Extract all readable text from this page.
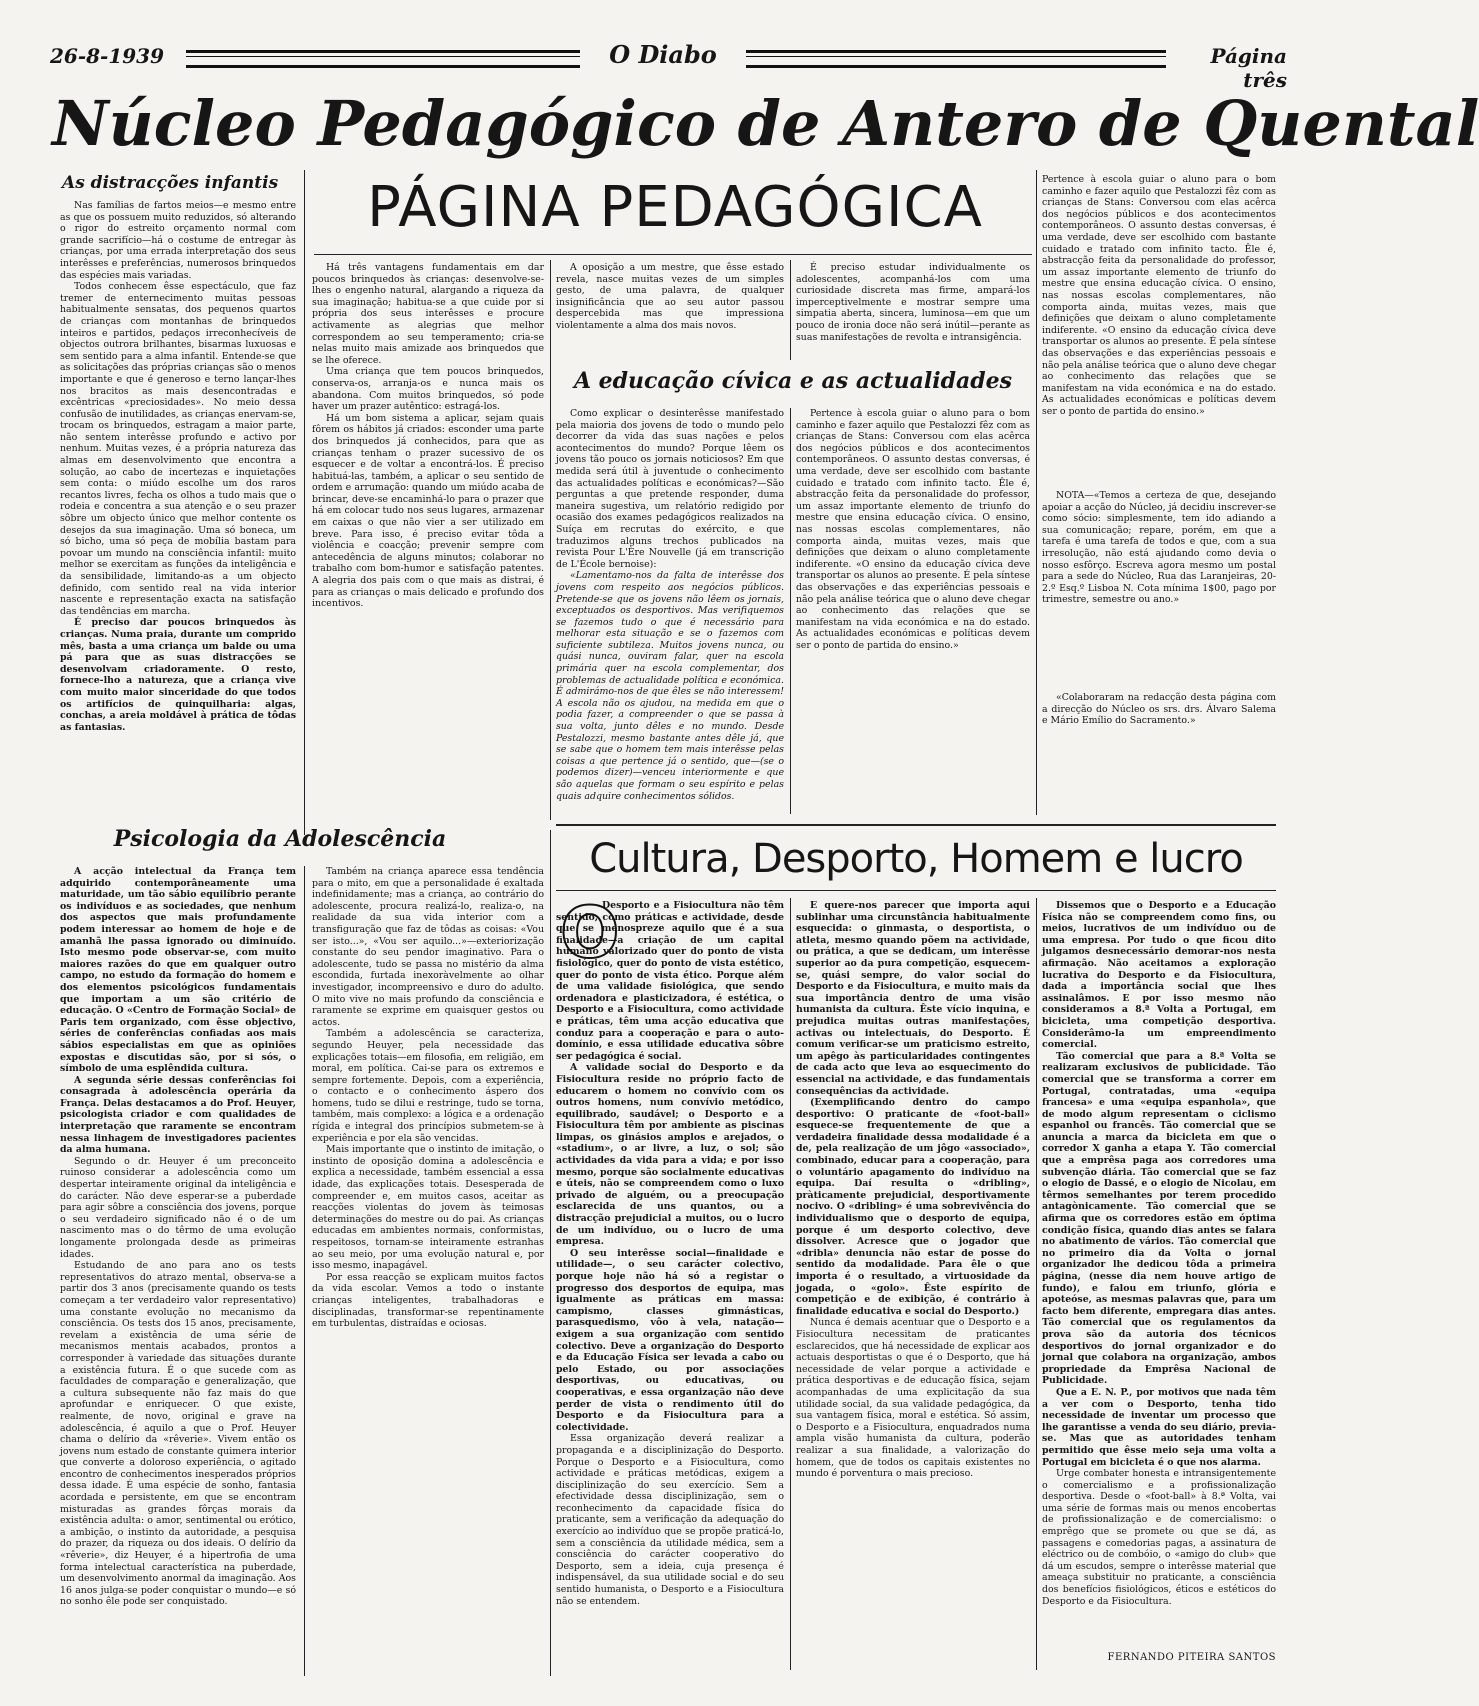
26-8-1939	O Diabo	Página três
Núcleo Pedagógico de Antero de Quental
As distracções infantis

Nas famílias de fartos meios—e mesmo entre as que os possuem muito reduzidos, só alterando o rigor do estreito orçamento normal com grande sacrifício—há o costume de entregar às crianças, por uma errada interpretação dos seus interêsses e preferências, numerosos brinquedos das espécies mais variadas.

Todos conhecem êsse espectáculo, que faz tremer de enternecimento muitas pessoas habitualmente sensatas, dos pequenos quartos de crianças com montanhas de brinquedos inteiros e partidos, pedaços irreconhecíveis de objectos outrora brilhantes, bisarmas luxuosas e sem sentido para a alma infantil. Entende-se que as solicitações das próprias crianças são o menos importante e que é generoso e terno lançar-lhes nos bracitos as mais desencontradas e excêntricas «preciosidades». No meio dessa confusão de inutilidades, as crianças enervam-se, trocam os brinquedos, estragam a maior parte, não sentem interêsse profundo e activo por nenhum. Muitas vezes, é a própria natureza das almas em desenvolvimento que encontra a solução, ao cabo de incertezas e inquietações sem conta: o miúdo escolhe um dos raros recantos livres, fecha os olhos a tudo mais que o rodeia e concentra a sua atenção e o seu prazer sôbre um objecto único que melhor contente os desejos da sua imaginação. Uma só boneca, um só bicho, uma só peça de mobília bastam para povoar um mundo na consciência infantil: muito melhor se exercitam as funções da inteligência e da sensibilidade, limitando-as a um objecto definido, com sentido real na vida interior nascente e representação exacta na satisfação das tendências em marcha.

É preciso dar poucos brinquedos às crianças. Numa praia, durante um comprido mês, basta a uma criança um balde ou uma pá para que as suas distracções se desenvolvam criadoramente. O resto, fornece-lho a natureza, que a criança vive com muito maior sinceridade do que todos os artifícios de quinquilharia: algas, conchas, a areia moldável à prática de tôdas as fantasias.

PÁGINA PEDAGÓGICA

Há três vantagens fundamentais em dar poucos brinquedos às crianças: desenvolve-se-lhes o engenho natural, alargando a riqueza da sua imaginação; habitua-se a que cuide por si própria dos seus interêsses e procure activamente as alegrias que melhor correspondem ao seu temperamento; cria-se nelas muito mais amizade aos brinquedos que se lhe oferece.

Uma criança que tem poucos brinquedos, conserva-os, arranja-os e nunca mais os abandona. Com muitos brinquedos, só pode haver um prazer autêntico: estragá-los.

Há um bom sistema a aplicar, sejam quais fôrem os hábitos já criados: esconder uma parte dos brinquedos já conhecidos, para que as crianças tenham o prazer sucessivo de os esquecer e de voltar a encontrá-los. É preciso habituá-las, também, a aplicar o seu sentido de ordem e arrumação: quando um miúdo acaba de brincar, deve-se encaminhá-lo para o prazer que há em colocar tudo nos seus lugares, armazenar em caixas o que não vier a ser utilizado em breve. Para isso, é preciso evitar tôda a violência e coacção; prevenir sempre com antecedência de alguns minutos; colaborar no trabalho com bom-humor e satisfação patentes. A alegria dos pais com o que mais as distrai, é para as crianças o mais delicado e profundo dos incentivos.

A oposição a um mestre, que êsse estado revela, nasce muitas vezes de um simples gesto, de uma palavra, de qualquer insignificância que ao seu autor passou despercebida mas que impressiona violentamente a alma dos mais novos.

É preciso estudar individualmente os adolescentes, acompanhá-los com uma curiosidade discreta mas firme, ampará-los imperceptivelmente e mostrar sempre uma simpatia aberta, sincera, luminosa—em que um pouco de ironia doce não será inútil—perante as suas manifestações de revolta e intransigência.

A educação cívica e as actualidades

Como explicar o desinterêsse manifestado pela maioria dos jovens de todo o mundo pelo decorrer da vida das suas nações e pelos acontecimentos do mundo? Porque lêem os jovens tão pouco os jornais noticiosos? Em que medida será útil à juventude o conhecimento das actualidades políticas e económicas?—São perguntas a que pretende responder, duma maneira sugestiva, um relatório redigido por ocasião dos exames pedagógicos realizados na Suíça em recrutas do exército, e que traduzimos alguns trechos publicados na revista Pour L'Ère Nouvelle (já em transcrição de L'École bernoise):

«Lamentamo-nos da falta de interêsse dos jovens com respeito aos negócios públicos. Pretende-se que os jovens não lêem os jornais, exceptuados os desportivos. Mas verifiquemos se fazemos tudo o que é necessário para melhorar esta situação e se o fazemos com suficiente subtileza. Muitos jovens nunca, ou quási nunca, ouviram falar, quer na escola primária quer na escola complementar, dos problemas de actualidade política e económica. É admirámo-nos de que êles se não interessem! A escola não os ajudou, na medida em que o podia fazer, a compreender o que se passa à sua volta, junto dêles e no mundo. Desde Pestalozzi, mesmo bastante antes dêle já, que se sabe que o homem tem mais interêsse pelas coisas a que pertence já o sentido, que—(se o podemos dizer)—venceu interiormente e que são aquelas que formam o seu espírito e pelas quais adquire conhecimentos sólidos.

Pertence à escola guiar o aluno para o bom caminho e fazer aquilo que Pestalozzi fêz com as crianças de Stans: Conversou com elas acêrca dos negócios públicos e dos acontecimentos contemporâneos. O assunto destas conversas, é uma verdade, deve ser escolhido com bastante cuidado e tratado com infinito tacto. Êle é, abstracção feita da personalidade do professor, um assaz importante elemento de triunfo do mestre que ensina educação cívica. O ensino, nas nossas escolas complementares, não comporta ainda, muitas vezes, mais que definições que deixam o aluno completamente indiferente. «O ensino da educação cívica deve transportar os alunos ao presente. É pela síntese das observações e das experiências pessoais e não pela análise teórica que o aluno deve chegar ao conhecimento das relações que se manifestam na vida económica e na do estado. As actualidades económicas e políticas devem ser o ponto de partida do ensino.»

Pertence à escola guiar o aluno para o bom caminho e fazer aquilo que Pestalozzi fêz com as crianças de Stans: Conversou com elas acêrca dos negócios públicos e dos acontecimentos contemporâneos. O assunto destas conversas, é uma verdade, deve ser escolhido com bastante cuidado e tratado com infinito tacto. Êle é, abstracção feita da personalidade do professor, um assaz importante elemento de triunfo do mestre que ensina educação cívica. O ensino, nas nossas escolas complementares, não comporta ainda, muitas vezes, mais que definições que deixam o aluno completamente indiferente. «O ensino da educação cívica deve transportar os alunos ao presente. É pela síntese das observações e das experiências pessoais e não pela análise teórica que o aluno deve chegar ao conhecimento das relações que se manifestam na vida económica e na do estado. As actualidades económicas e políticas devem ser o ponto de partida do ensino.»

NOTA—«Temos a certeza de que, desejando apoiar a acção do Núcleo, já decidiu inscrever-se como sócio: simplesmente, tem ido adiando a sua comunicação; repare, porém, em que a tarefa é uma tarefa de todos e que, com a sua irresolução, não está ajudando como devia o nosso esfôrço. Escreva agora mesmo um postal para a sede do Núcleo, Rua das Laranjeiras, 20-2.º Esq.º Lisboa N. Cota mínima 1$00, pago por trimestre, semestre ou ano.»

«Colaboraram na redacção desta página com a direcção do Núcleo os srs. drs. Álvaro Salema e Mário Emílio do Sacramento.»

Cultura, Desporto, Homem e lucro
Psicologia da Adolescência

A acção intelectual da França tem adquirido contemporâneamente uma maturidade, um tão sábio equilíbrio perante os indivíduos e as sociedades, que nenhum dos aspectos que mais profundamente podem interessar ao homem de hoje e de amanhã lhe passa ignorado ou diminuído. Isto mesmo pode observar-se, com muito maiores razões do que em qualquer outro campo, no estudo da formação do homem e dos elementos psicológicos fundamentais que importam a um são critério de educação. O «Centro de Formação Social» de Paris tem organizado, com êsse objectivo, séries de conferências confiadas aos mais sábios especialistas em que as opiniões expostas e discutidas são, por si sós, o símbolo de uma esplêndida cultura.

A segunda série dessas conferências foi consagrada à adolescência operária da França. Delas destacamos a do Prof. Heuyer, psicologista criador e com qualidades de interpretação que raramente se encontram nessa linhagem de investigadores pacientes da alma humana.

Segundo o dr. Heuyer é um preconceito ruinoso considerar a adolescência como um despertar inteiramente original da inteligência e do carácter. Não deve esperar-se a puberdade para agir sôbre a consciência dos jovens, porque o seu verdadeiro significado não é o de um nascimento mas o do têrmo de uma evolução longamente prolongada desde as primeiras idades.

Estudando de ano para ano os tests representativos do atrazo mental, observa-se a partir dos 3 anos (precisamente quando os tests começam a ter verdadeiro valor representativo) uma constante evolução no mecanismo da consciência. Os tests dos 15 anos, precisamente, revelam a existência de uma série de mecanismos mentais acabados, prontos a corresponder à variedade das situações durante a existência futura. É o que sucede com as faculdades de comparação e generalização, que a cultura subsequente não faz mais do que aprofundar e enriquecer. O que existe, realmente, de novo, original e grave na adolescência, é aquilo a que o Prof. Heuyer chama o delírio da «rêverie». Vivem então os jovens num estado de constante quimera interior que converte a doloroso experiência, o agitado encontro de conhecimentos inesperados próprios dessa idade. É uma espécie de sonho, fantasia acordada e persistente, em que se encontram misturadas as grandes fôrças morais da existência adulta: o amor, sentimental ou erótico, a ambição, o instinto da autoridade, a pesquisa do prazer, da riqueza ou dos ideais. O delírio da «rêverie», diz Heuyer, é a hipertrofia de uma forma intelectual característica na puberdade, um desenvolvimento anormal da imaginação. Aos 16 anos julga-se poder conquistar o mundo—e só no sonho êle pode ser conquistado.

Também na criança aparece essa tendência para o mito, em que a personalidade é exaltada indefinidamente; mas a criança, ao contrário do adolescente, procura realizá-lo, realiza-o, na realidade da sua vida interior com a transfiguração que faz de tôdas as coisas: «Vou ser isto...», «Vou ser aquilo...»—exteriorização constante do seu pendor imaginativo. Para o adolescente, tudo se passa no mistério da alma escondida, furtada inexoràvelmente ao olhar investigador, incompreensivo e duro do adulto. O mito vive no mais profundo da consciência e raramente se exprime em quaisquer gestos ou actos.

Também a adolescência se caracteriza, segundo Heuyer, pela necessidade das explicações totais—em filosofia, em religião, em moral, em política. Cai-se para os extremos e sempre fortemente. Depois, com a experiência, o contacto e o conhecimento áspero dos homens, tudo se dilui e restringe, tudo se torna, também, mais complexo: a lógica e a ordenação rígida e integral dos princípios submetem-se à experiência e por ela são vencidas.

Mais importante que o instinto de imitação, o instinto de oposição domina a adolescência e explica a necessidade, também essencial a essa idade, das explicações totais. Desesperada de compreender e, em muitos casos, aceitar as reacções violentas do jovem às teimosas determinações do mestre ou do pai. As crianças educadas em ambientes normais, conformistas, respeitosos, tornam-se inteiramente estranhas ao seu meio, por uma evolução natural e, por isso mesmo, inapagável.

Por essa reacção se explicam muitos factos da vida escolar. Vemos a todo o instante crianças inteligentes, trabalhadoras e disciplinadas, transformar-se repentinamente em turbulentas, distraídas e ociosas.

O

Desporto e a Fisiocultura não têm sentido, como práticas e actividade, desde que se menospreze aquilo que é a sua finalidade—a criação de um capital humano valorizado quer do ponto de vista fisiológico, quer do ponto de vista estético, quer do ponto de vista ético. Porque além de uma validade fisiológica, que sendo ordenadora e plasticizadora, é estética, o Desporto e a Fisiocultura, como actividade e práticas, têm uma acção educativa que conduz para a cooperação e para o auto-domínio, e essa utilidade educativa sôbre ser pedagógica é social.

A validade social do Desporto e da Fisiocultura reside no próprio facto de educarem o homem no convívio com os outros homens, num convívio metódico, equilibrado, saudável; o Desporto e a Fisiocultura têm por ambiente as piscinas limpas, os ginásios amplos e arejados, o «stadium», o ar livre, a luz, o sol; são actividades da vida para a vida; e por isso mesmo, porque são socialmente educativas e úteis, não se compreendem como o luxo privado de alguém, ou a preocupação esclarecida de uns quantos, ou a distracção prejudicial a muitos, ou o lucro de um indivíduo, ou o lucro de uma empresa.

O seu interêsse social—finalidade e utilidade—, o seu carácter colectivo, porque hoje não há só a registar o progresso dos desportos de equipa, mas igualmente as práticas em massa: campismo, classes gimnásticas, parasquedismo, vôo à vela, natação—exigem a sua organização com sentido colectivo. Deve a organização do Desporto e da Educação Física ser levada a cabo ou pelo Estado, ou por associações desportivas, ou educativas, ou cooperativas, e essa organização não deve perder de vista o rendimento útil do Desporto e da Fisiocultura para a colectividade.

Essa organização deverá realizar a propaganda e a disciplinização do Desporto. Porque o Desporto e a Fisiocultura, como actividade e práticas metódicas, exigem a disciplinização do seu exercício. Sem a efectividade dessa disciplinização, sem o reconhecimento da capacidade física do praticante, sem a verificação da adequação do exercício ao indivíduo que se propõe praticá-lo, sem a consciência da utilidade médica, sem a consciência do carácter cooperativo do Desporto, sem a ideia, cuja presença é indispensável, da sua utilidade social e do seu sentido humanista, o Desporto e a Fisiocultura não se entendem.

E quere-nos parecer que importa aqui sublinhar uma circunstância habitualmente esquecida: o ginmasta, o desportista, o atleta, mesmo quando põem na actividade, ou prática, a que se dedicam, um interêsse superior ao da pura competição, esquecem-se, quási sempre, do valor social do Desporto e da Fisiocultura, e muito mais da sua importância dentro de uma visão humanista da cultura. Êste vício inquina, e prejudica muitas outras manifestações, activas ou intelectuais, do Desporto. É comum verificar-se um praticismo estreito, um apêgo às particularidades contingentes de cada acto que leva ao esquecimento do essencial na actividade, e das fundamentais consequências da actividade.

(Exemplificando dentro do campo desportivo: O praticante de «foot-ball» esquece-se frequentemente de que a verdadeira finalidade dessa modalidade é a de, pela realização de um jôgo «associado», combinado, educar para a cooperação, para o voluntário apagamento do indivíduo na equipa. Daí resulta o «dribling», pràticamente prejudicial, desportivamente nocivo. O «dribling» é uma sobrevivência do individualismo que o desporto de equipa, porque é um desporto colectivo, deve dissolver. Acresce que o jogador que «dribla» denuncia não estar de posse do sentido da modalidade. Para êle o que importa é o resultado, a virtuosidade da jogada, o «golo». Êste espírito de competição e de exibição, é contrário à finalidade educativa e social do Desporto.)

Nunca é demais acentuar que o Desporto e a Fisiocultura necessitam de praticantes esclarecidos, que há necessidade de explicar aos actuais desportistas o que é o Desporto, que há necessidade de velar porque a actividade e prática desportivas e de educação física, sejam acompanhadas de uma explicitação da sua utilidade social, da sua validade pedagógica, da sua vantagem física, moral e estética. Só assim, o Desporto e a Fisiocultura, enquadrados numa ampla visão humanista da cultura, poderão realizar a sua finalidade, a valorização do homem, que de todos os capitais existentes no mundo é porventura o mais precioso.

Dissemos que o Desporto e a Educação Física não se compreendem como fins, ou meios, lucrativos de um indivíduo ou de uma empresa. Por tudo o que ficou dito julgamos desnecessário demorar-nos nesta afirmação. Não aceitamos a exploração lucrativa do Desporto e da Fisiocultura, dada a importância social que lhes assinalâmos. E por isso mesmo não consideramos a 8.ª Volta a Portugal, em bicicleta, uma competição desportiva. Considerâmo-la um empreendimento comercial.

Tão comercial que para a 8.ª Volta se realizaram exclusivos de publicidade. Tão comercial que se transforma a correr em Portugal, contratadas, uma «equipa francesa» e uma «equipa espanhola», que de modo algum representam o ciclismo espanhol ou francês. Tão comercial que se anuncia a marca da bicicleta em que o corredor X ganha a etapa Y. Tão comercial que a emprêsa paga aos corredores uma subvenção diária. Tão comercial que se faz o elogio de Dassé, e o elogio de Nicolau, em têrmos semelhantes por terem procedido antagònicamente. Tão comercial que se afirma que os corredores estão em óptima condição física, quando dias antes se falara no abatimento de vários. Tão comercial que no primeiro dia da Volta o jornal organizador lhe dedicou tôda a primeira página, (nesse dia nem houve artigo de fundo), e falou em triunfo, glória e apoteóse, as mesmas palavras que, para um facto bem diferente, empregara dias antes. Tão comercial que os regulamentos da prova são da autoria dos técnicos desportivos do jornal organizador e do jornal que colabora na organização, ambos propriedade da Emprêsa Nacional de Publicidade.

Que a E. N. P., por motivos que nada têm a ver com o Desporto, tenha tido necessidade de inventar um processo que lhe garantisse a venda do seu diário, previa-se. Mas que as autoridades tenham permitido que êsse meio seja uma volta a Portugal em bicicleta é o que nos alarma.

Urge combater honesta e intransigentemente o comercialismo e a profissionalização desportiva. Desde o «foot-ball» à 8.ª Volta, vai uma série de formas mais ou menos encobertas de profissionalização e de comercialismo: o emprêgo que se promete ou que se dá, as passagens e comedorias pagas, a assinatura de eléctrico ou de combóio, o «amigo do club» que dá um escudos, sempre o interêsse material que ameaça substituir no praticante, a consciência dos benefícios fisiológicos, éticos e estéticos do Desporto e da Fisiocultura.

FERNANDO PITEIRA SANTOS
